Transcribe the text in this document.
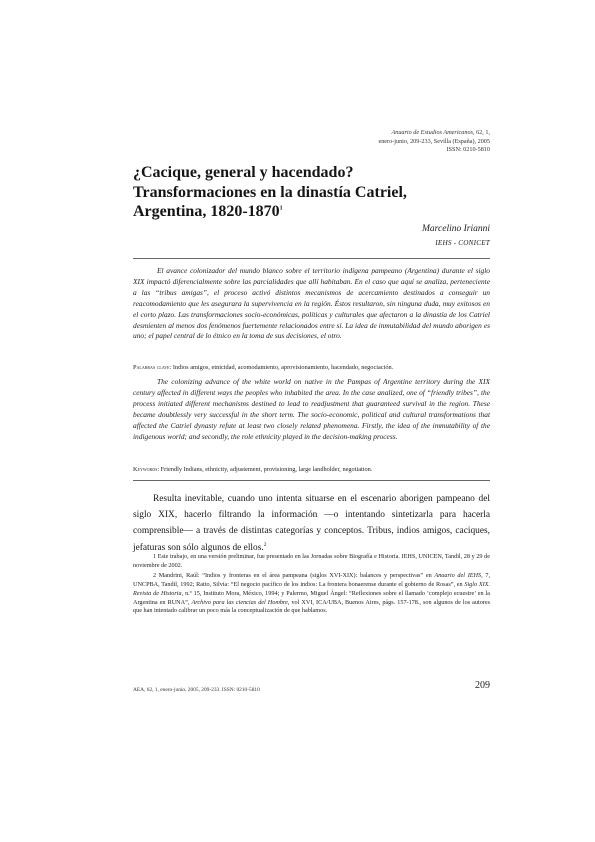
Anuario de Estudios Americanos, 62, 1,
enero-junio, 209-233, Sevilla (España), 2005
ISSN: 0210-5810
¿Cacique, general y hacendado?
Transformaciones en la dinastía Catriel,
Argentina, 1820-1870$^1$
Marcelino Irianni
IEHS - CONICET

El avance colonizador del mundo blanco sobre el territorio indígena pampeano (Argentina) durante el siglo XIX impactó diferencialmente sobre las parcialidades que allí habitaban. En el caso que aquí se analiza, perteneciente a las “tribus amigas”, el proceso activó distintos mecanismos de acercamiento destinados a conseguir un reacomodamiento que les asegurara la supervivencia en la región. Éstos resultaron, sin ninguna duda, muy exitosos en el corto plazo. Las transformaciones socio-económicas, políticas y culturales que afectaron a la dinastía de los Catriel desmienten al menos dos fenómenos fuertemente relacionados entre sí. La idea de inmutabilidad del mundo aborigen es uno; el papel central de lo étnico en la toma de sus decisiones, el otro.

Palabras clave: Indios amigos, etnicidad, acomodamiento, aprovisionamiento, hacendado, negociación.

The colonizing advance of the white world on native in the Pampas of Argentine territory during the XIX century affected in different ways the peoples who inhabited the area. In the case analized, one of “friendly tribes”, the process initiated different mechanisms destined to lead to readjustment that guaranteed survival in the region. These became doubtlessly very successful in the short term. The socio-economic, political and cultural transformations that affected the Catriel dynasty refute at least two closely related phenomena. Firstly, the idea of the immutability of the indigenous world; and secondly, the role ethnicity played in the decision-making process.

Keywords: Friendly Indians, ethnicity, adjustement, provisioning, large landholder, negotiation.

Resulta inevitable, cuando uno intenta situarse en el escenario aborigen pampeano del siglo XIX, hacerlo filtrando la información —o intentando sintetizarla para hacerla comprensible— a través de distintas categorías y conceptos. Tribus, indios amigos, caciques, jefaturas son sólo algunos de ellos.$^2$

1 Este trabajo, en una versión preliminar, fue presentado en las Jornadas sobre Biografía e Historia. IEHS, UNICEN, Tandil, 28 y 29 de noviembre de 2002.

2 Mandrini, Raúl: “Indios y fronteras en el área pampeana (siglos XVI-XIX): balances y perspectivas” en Anuario del IEHS, 7, UNCPBA, Tandil, 1992; Ratto, Silvia: “El negocio pacífico de los indios: La frontera bonaerense durante el gobierno de Rosas”, en Siglo XIX. Revista de Historia, n.º 15, Instituto Mora, México, 1994; y Palermo, Miguel Ángel: “Reflexiones sobre el llamado ‘complejo ecuestre’ en la Argentina en RUNA”, Archivo para las ciencias del Hombre, vol XVI, ICA/UBA, Buenos Aires, págs. 157-178., son algunos de los autores que han intentado calibrar un poco más la conceptualización de que hablamos.

AEA, 62, 1, enero-junio, 2005, 209-233. ISSN: 0210-5810	209
